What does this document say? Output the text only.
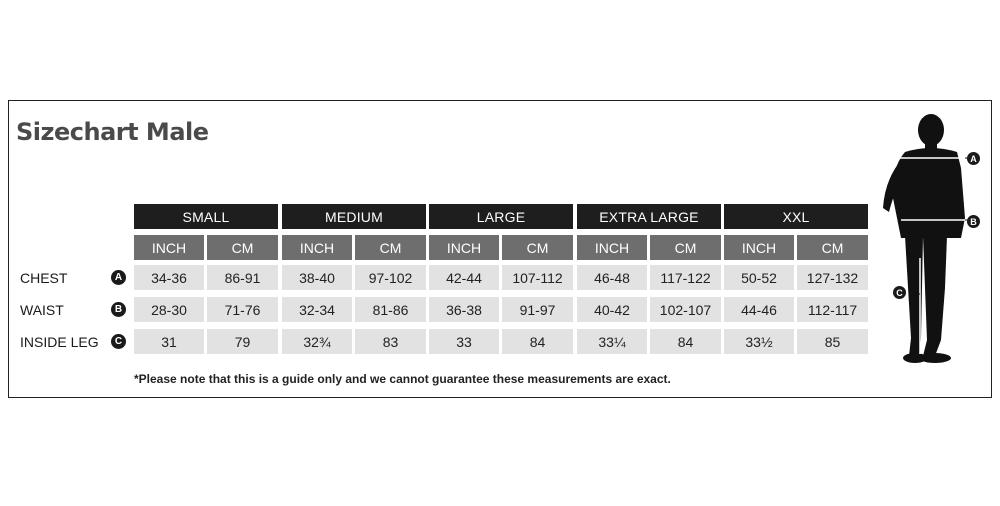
Sizechart Male
*Please note that this is a guide only and we cannot guarantee these measurements are exact.
A
B
C
SMALL
INCH	CM
MEDIUM
INCH	CM
LARGE
INCH	CM
EXTRA LARGE
INCH	CM
XXL
INCH	CM
CHEST	A	34-36	86-91	38-40	97-102	42-44	107-112	46-48	117-122	50-52	127-132
WAIST	B	28-30	71-76	32-34	81-86	36-38	91-97	40-42	102-107	44-46	112-117
INSIDE LEG	C	31	79	32¾	83	33	84	33¼	84	33½	85
